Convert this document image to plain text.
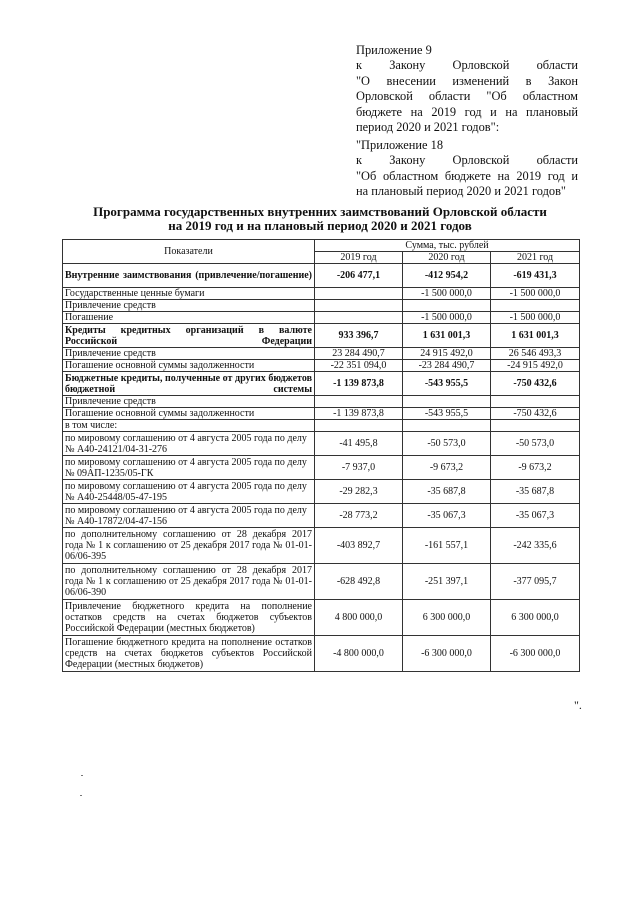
Приложение 9
к Закону Орловской области
"О внесении изменений в Закон
Орловской области "Об областном
бюджете на 2019 год и на плановый
период 2020 и 2021 годов":
"Приложение 18
к Закону Орловской области
"Об областном бюджете на 2019 год и
на плановый период 2020 и 2021 годов"
Программа государственных внутренних заимствований Орловской области
на 2019 год и на плановый период 2020 и 2021 годов
Показатели	Сумма, тыс. рублей		
	2019 год	2020 год	2021 год
Внутренние заимствования (привлечение/погашение)	-206 477,1	-412 954,2	-619 431,3
Государственные ценные бумаги		-1 500 000,0	-1 500 000,0
Привлечение средств			
Погашение		-1 500 000,0	-1 500 000,0
Кредиты кредитных организаций в валюте Российской Федерации	933 396,7	1 631 001,3	1 631 001,3
Привлечение средств	23 284 490,7	24 915 492,0	26 546 493,3
Погашение основной суммы задолженности	-22 351 094,0	-23 284 490,7	-24 915 492,0
Бюджетные кредиты, полученные от других бюджетов бюджетной системы	-1 139 873,8	-543 955,5	-750 432,6
Привлечение средств			
Погашение основной суммы задолженности	-1 139 873,8	-543 955,5	-750 432,6
в том числе:			
по мировому соглашению от 4 августа 2005 года по делу № А40-24121/04-31-276	-41 495,8	-50 573,0	-50 573,0
по мировому соглашению от 4 августа 2005 года по делу № 09АП-1235/05-ГК	-7 937,0	-9 673,2	-9 673,2
по мировому соглашению от 4 августа 2005 года по делу № А40-25448/05-47-195	-29 282,3	-35 687,8	-35 687,8
по мировому соглашению от 4 августа 2005 года по делу № А40-17872/04-47-156	-28 773,2	-35 067,3	-35 067,3
по дополнительному соглашению от 28 декабря 2017 года № 1 к соглашению от 25 декабря 2017 года № 01-01-06/06-395	-403 892,7	-161 557,1	-242 335,6
по дополнительному соглашению от 28 декабря 2017 года № 1 к соглашению от 25 декабря 2017 года № 01-01-06/06-390	-628 492,8	-251 397,1	-377 095,7
Привлечение бюджетного кредита на пополнение остатков средств на счетах бюджетов субъектов Российской Федерации (местных бюджетов)	4 800 000,0	6 300 000,0	6 300 000,0
Погашение бюджетного кредита на пополнение остатков средств на счетах бюджетов субъектов Российской Федерации (местных бюджетов)	-4 800 000,0	-6 300 000,0	-6 300 000,0
".
